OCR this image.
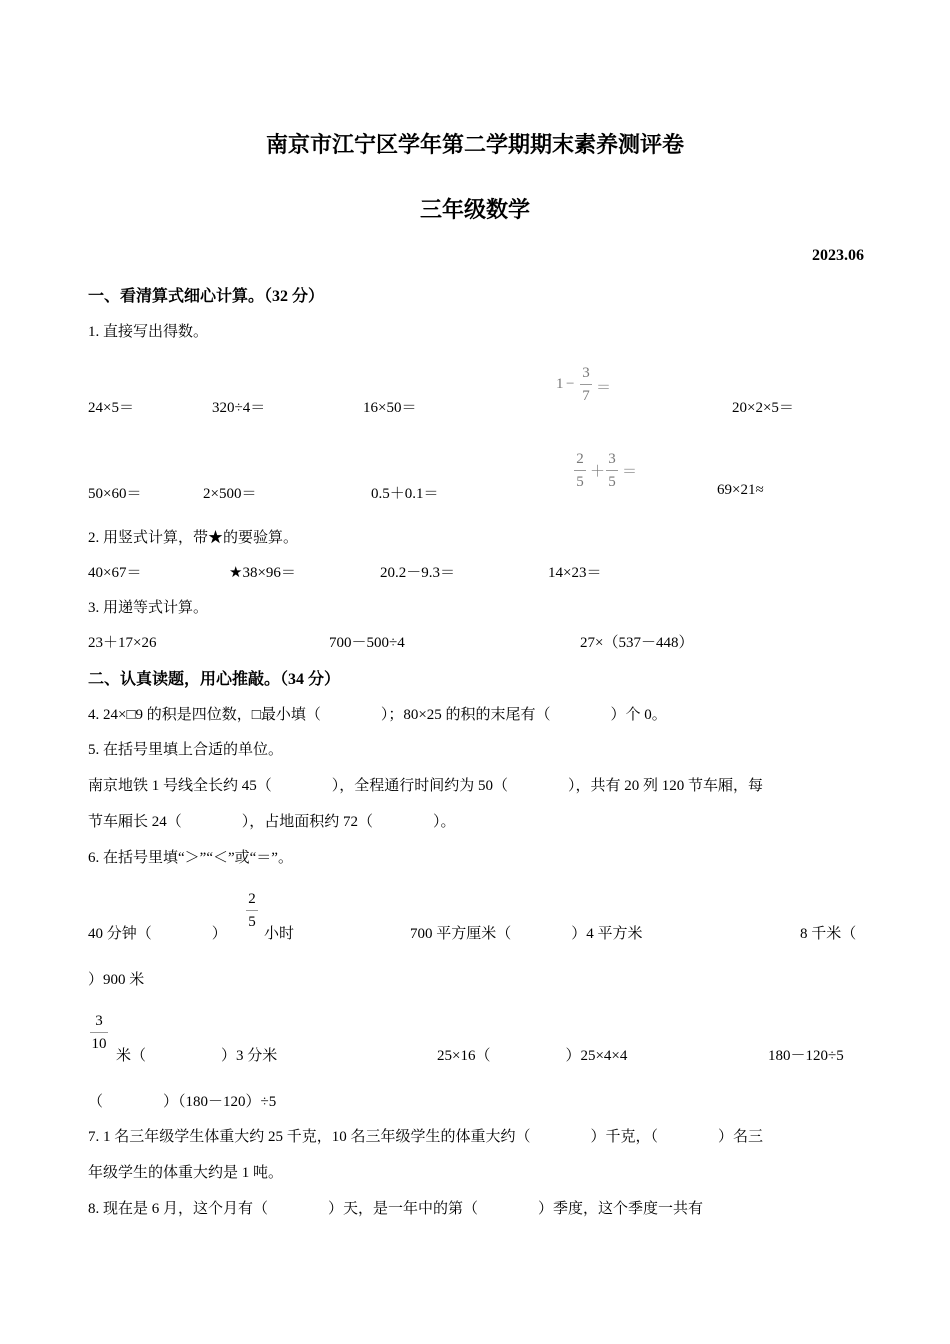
南京市江宁区学年第二学期期末素养测评卷
三年级数学
2023.06
一、看清算式细心计算。（32 分）
1. 直接写出得数。
24×5＝	320÷4＝	16×50＝
1 −
3
7 ＝
20×2×5＝
50×60＝	2×500＝	0.5＋0.1＝
2
5
＋
3
5
＝
69×21≈
2. 用竖式计算，带★的要验算。
40×67＝	★38×96＝	20.2－9.3＝	14×23＝
3. 用递等式计算。
23＋17×26	700－500÷4	27×（537－448）
二、认真读题，用心推敲。（34 分）
4. 24×□9 的积是四位数，□最小填（　　　　）；80×25 的积的末尾有（　　　　）个 0。
5. 在括号里填上合适的单位。
南京地铁 1 号线全长约 45（　　　　），全程通行时间约为 50（　　　　），共有 20 列 120 节车厢，每
节车厢长 24（　　　　），占地面积约 72（　　　　）。
6. 在括号里填“＞”“＜”或“＝”。
40 分钟（　　　　）
2
5
小时	700 平方厘米（　　　　）4 平方米	8 千米（
）900 米
3
10
米（　　　　　）3 分米	25×16（　　　　　）25×4×4	180－120÷5
（　　　　）（180－120）÷5
7. 1 名三年级学生体重大约 25 千克，10 名三年级学生的体重大约（　　　　）千克，（　　　　）名三
年级学生的体重大约是 1 吨。
8. 现在是 6 月，这个月有（　　　　）天，是一年中的第（　　　　）季度，这个季度一共有
